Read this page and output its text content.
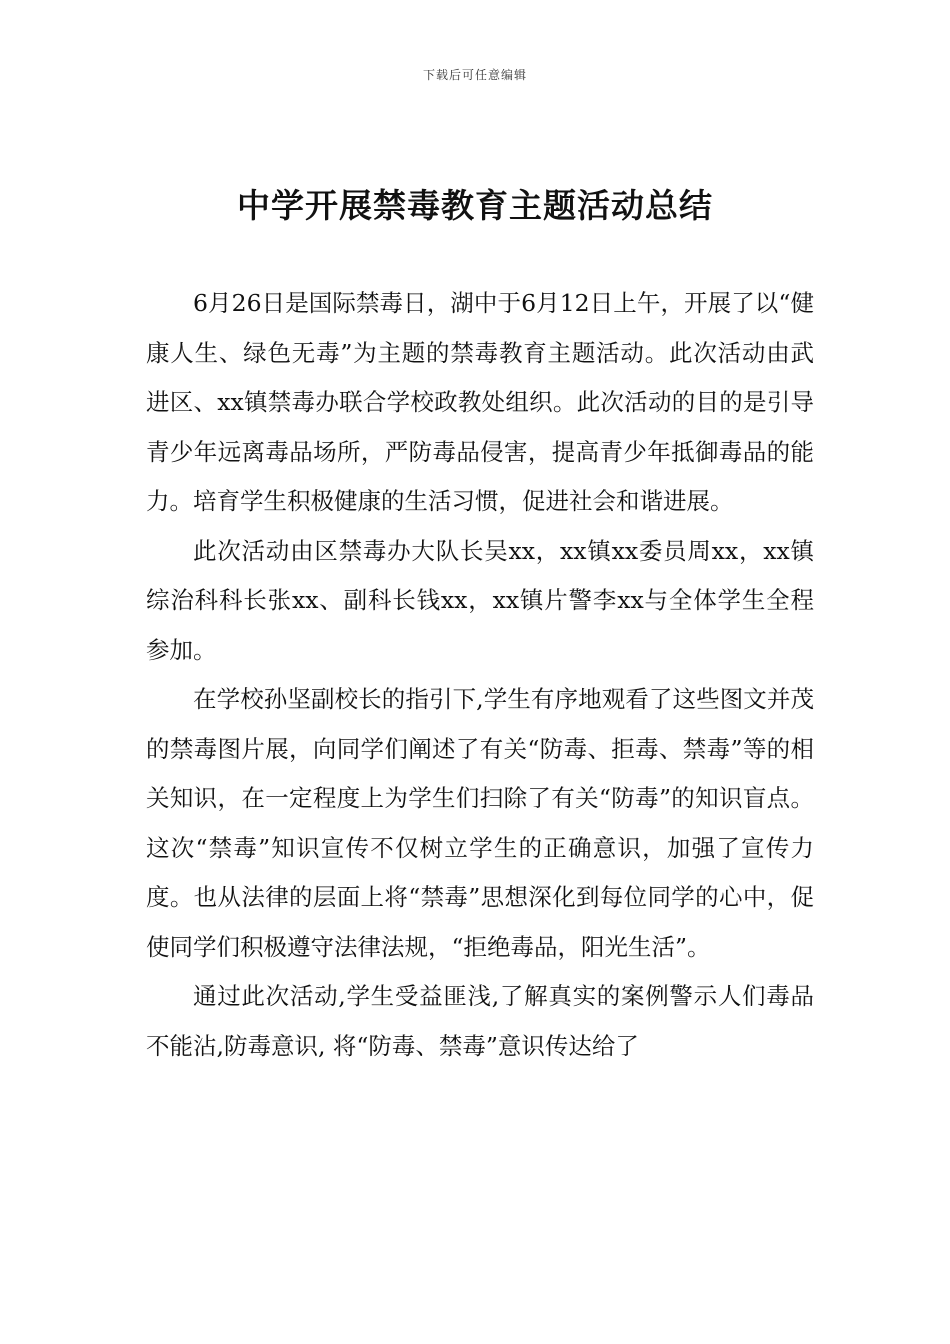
下载后可任意编辑
中学开展禁毒教育主题活动总结

6月26日是国际禁毒日，湖中于6月12日上午，开展了以“健康人生、绿色无毒”为主题的禁毒教育主题活动。此次活动由武进区、xx镇禁毒办联合学校政教处组织。此次活动的目的是引导青少年远离毒品场所，严防毒品侵害，提高青少年抵御毒品的能力。培育学生积极健康的生活习惯，促进社会和谐进展。

此次活动由区禁毒办大队长吴xx，xx镇xx委员周xx，xx镇综治科科长张xx、副科长钱xx，xx镇片警李xx与全体学生全程参加。

在学校孙坚副校长的指引下,学生有序地观看了这些图文并茂的禁毒图片展，向同学们阐述了有关“防毒、拒毒、禁毒”等的相关知识，在一定程度上为学生们扫除了有关“防毒”的知识盲点。这次“禁毒”知识宣传不仅树立学生的正确意识，加强了宣传力度。也从法律的层面上将“禁毒”思想深化到每位同学的心中，促使同学们积极遵守法律法规，“拒绝毒品，阳光生活”。

通过此次活动,学生受益匪浅,了解真实的案例警示人们毒品不能沾,防毒意识, 将“防毒、禁毒”意识传达给了
